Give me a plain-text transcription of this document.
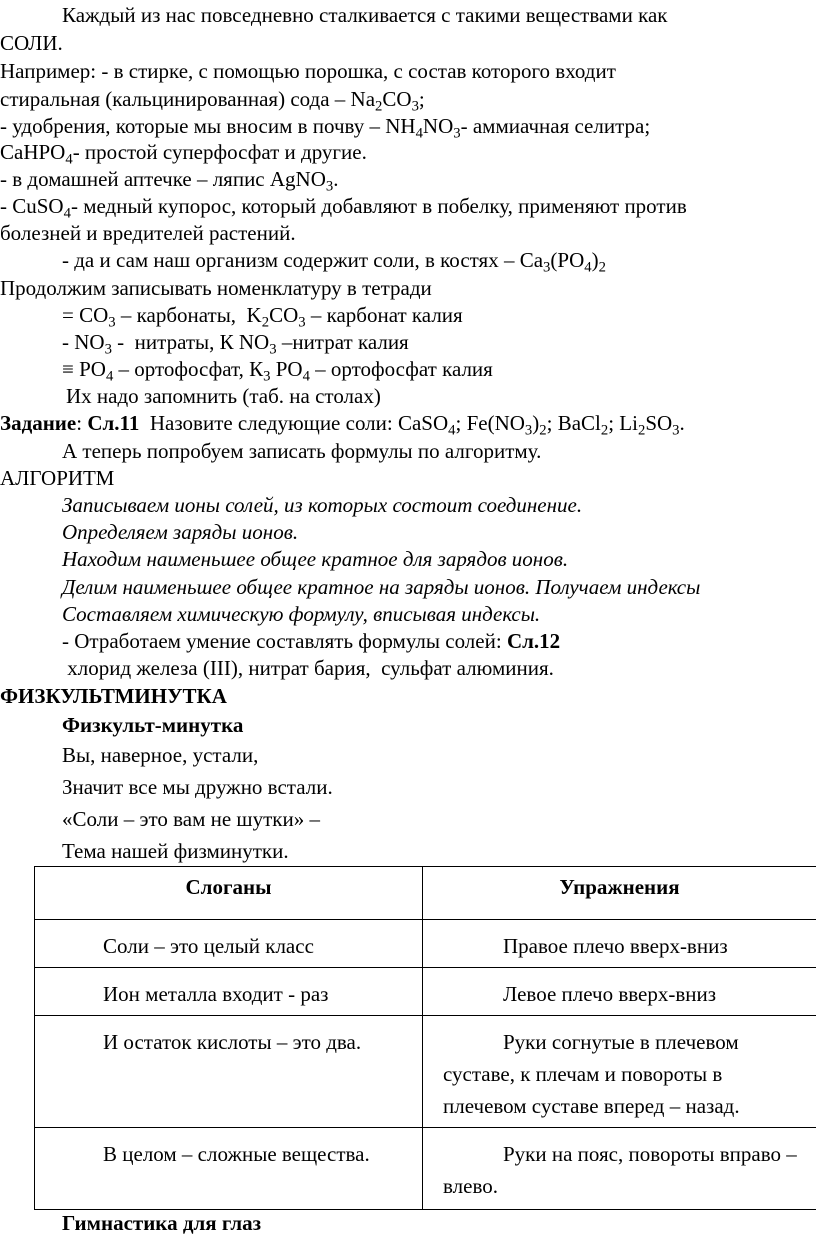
Каждый из нас повседневно сталкивается с такими веществами как
СОЛИ.
Например: - в стирке, с помощью порошка, с состав которого входит
стиральная (кальцинированная) сода – $Na_2CO_3$;
- удобрения, которые мы вносим в почву – $NH_4NO_3-$ аммиачная селитра;
CaHPO$_4$- простой суперфосфат и другие.
- в домашней аптечке – ляпис AgNO$_3$.
- CuSO$_4$- медный купорос, который добавляют в побелку, применяют против
болезней и вредителей растений.
- да и сам наш организм содержит соли, в костях – $Ca_3(PO_4)_2$
Продолжим записывать номенклатуру в тетради
= $CO_3$ – карбонаты,  $K_2CO_3$ – карбонат калия
- $NO_3$ -  нитраты, К $NO_3$ –нитрат калия
≡ $PO_4$ – ортофосфат, $К_3$ $PO_4$ – ортофосфат калия
Их надо запомнить (таб. на столах)
Задание: Сл.11  Назовите следующие соли: CaSO$_4$; $Fe(NO_3)_2$; BaCl$_2$; $Li_2SO_3$.
А теперь попробуем записать формулы по алгоритму.
АЛГОРИТМ
Записываем ионы солей, из которых состоит соединение.
Определяем заряды ионов.
Находим наименьшее общее кратное для зарядов ионов.
Делим наименьшее общее кратное на заряды ионов. Получаем индексы
Составляем химическую формулу, вписывая индексы.
- Отработаем умение составлять формулы солей: Сл.12
хлорид железа (III), нитрат бария,  сульфат алюминия.
ФИЗКУЛЬТМИНУТКА
Физкульт-минутка
Вы, наверное, устали,
Значит все мы дружно встали.
«Соли – это вам не шутки» –
Тема нашей физминутки.
Слоганы	Упражнения

Соли – это целый класс	Правое плечо вверх-вниз

Ион металла входит - раз	Левое плечо вверх-вниз

И остаток кислоты – это два.	Руки согнутые в плечевом суставе, к плечам и повороты в плечевом суставе вперед – назад.

В целом – сложные вещества.	Руки на пояс, повороты вправо – влево.
Гимнастика для глаз
